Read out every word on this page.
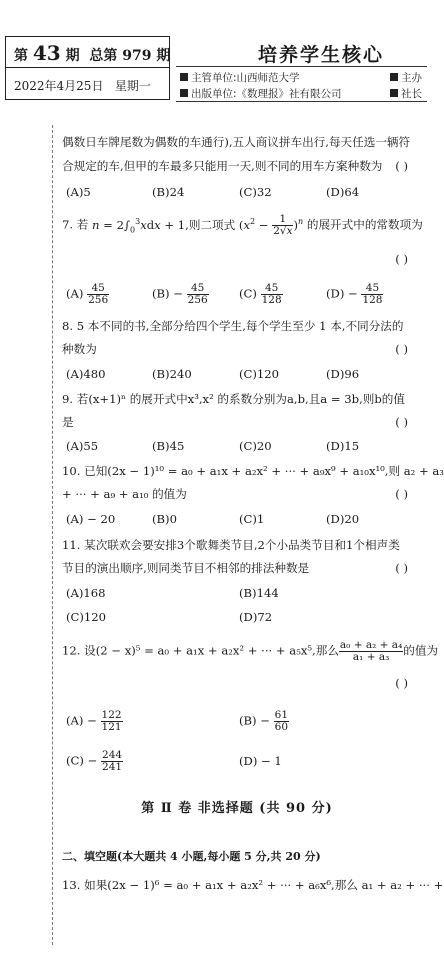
第 43 期 总第 979 期
2022年4月25日 星期一
培养学生核心
主管单位:山西师范大学	主办
出版单位:《数理报》社有限公司	社长
偶数日车牌尾数为偶数的车通行),五人商议拼车出行,每天任选一辆符
合规定的车,但甲的车最多只能用一天,则不同的用车方案种数为 ( )
(A)5	(B)24	(C)32	(D)64
7. 若 $n = 2\int_0^3xdx + 1$,则二项式 $(x^2 - \frac{1}{2√x} )^n$ 的展开式中的常数项为
( )
$(A) \frac{45}{256}$	$(B) - \frac{45}{256}$	$(C) \frac{45}{128}$	$(D) - \frac{45}{128}$
8. 5 本不同的书,全部分给四个学生,每个学生至少 1 本,不同分法的
种数为	( )
(A)480	(B)240	(C)120	(D)96
9. 若(x+1)ⁿ 的展开式中x³,x² 的系数分别为a,b,且a = 3b,则b的值
是	( )
(A)55	(B)45	(C)20	(D)15
10. 已知(2x − 1)¹⁰ = a₀ + a₁x + a₂x² + ··· + a₉x⁹ + a₁₀x¹⁰,则 a₂ + a₃
+ ··· + a₉ + a₁₀ 的值为	( )
(A) − 20	(B)0	(C)1	(D)20
11. 某次联欢会要安排3个歌舞类节目,2个小品类节目和1个相声类
节目的演出顺序,则同类节目不相邻的排法种数是	( )
(A)168	(B)144
(C)120	(D)72
12. 设(2 − x)⁵ = a₀ + a₁x + a₂x² + ··· + a₅x⁵,那么 $\frac{\text{a₀ + a₂ + a₄}}{\text{a₁ + a₃}}$ 的值为
( )
$(A) - \frac{122}{121}$	$(B) - \frac{61}{60}$
$(C) - \frac{244}{241}$	(D) − 1
第 Ⅱ 卷 非选择题 (共 90 分)
二、填空题(本大题共 4 小题,每小题 5 分,共 20 分)
13. 如果(2x − 1)⁶ = a₀ + a₁x + a₂x² + ··· + a₆x⁶,那么 a₁ + a₂ + ··· +
